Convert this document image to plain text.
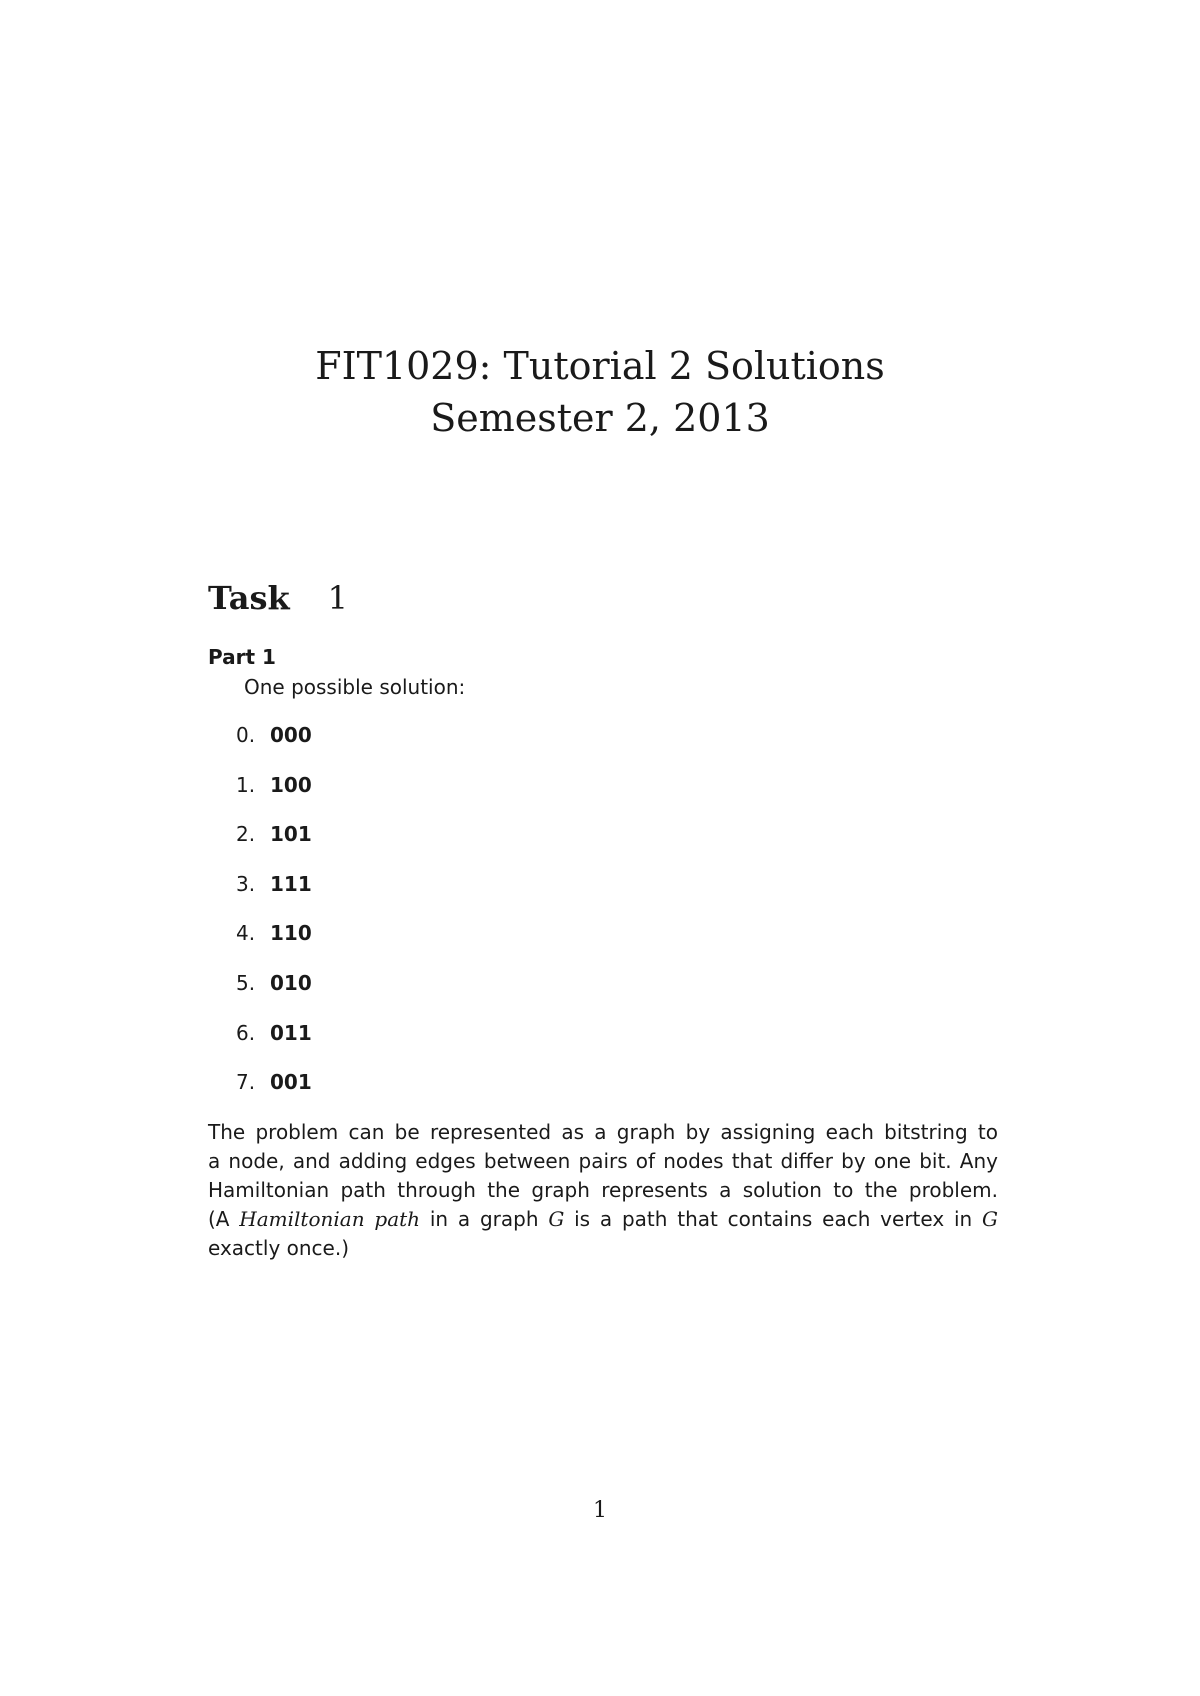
FIT1029: Tutorial 2 Solutions
Semester 2, 2013
Task 1
Part 1
One possible solution:
0. 000
1. 100
2. 101
3. 111
4. 110
5. 010
6. 011
7. 001
The problem can be represented as a graph by assigning each bitstring to
a node, and adding edges between pairs of nodes that differ by one bit. Any
Hamiltonian path through the graph represents a solution to the problem.
(A Hamiltonian path in a graph G is a path that contains each vertex in G
exactly once.)
1
